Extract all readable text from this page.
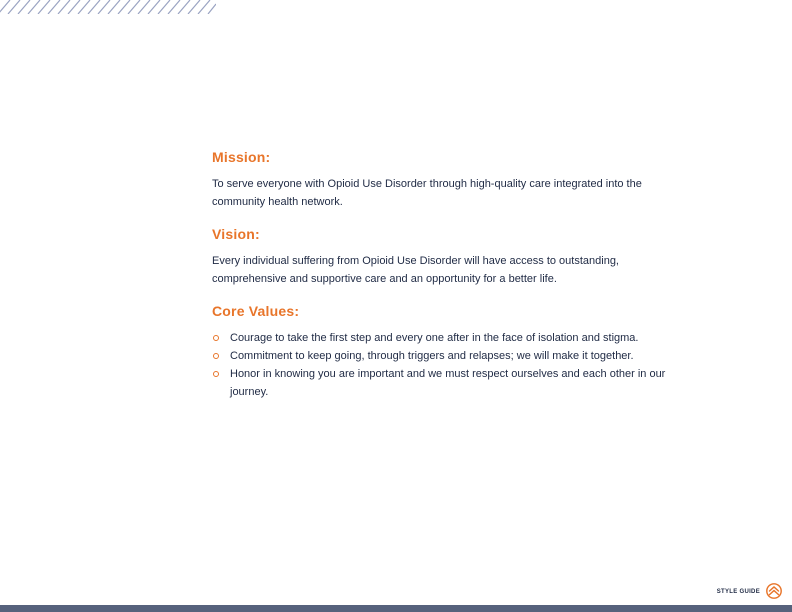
Mission:

To serve everyone with Opioid Use Disorder through high-quality care integrated into the community health network.

Vision:

Every individual suffering from Opioid Use Disorder will have access to outstanding, comprehensive and supportive care and an opportunity for a better life.

Core Values:
Courage to take the first step and every one after in the face of isolation and stigma.
Commitment to keep going, through triggers and relapses; we will make it together.
Honor in knowing you are important and we must respect ourselves and each other in our journey.
STYLE GUIDE
